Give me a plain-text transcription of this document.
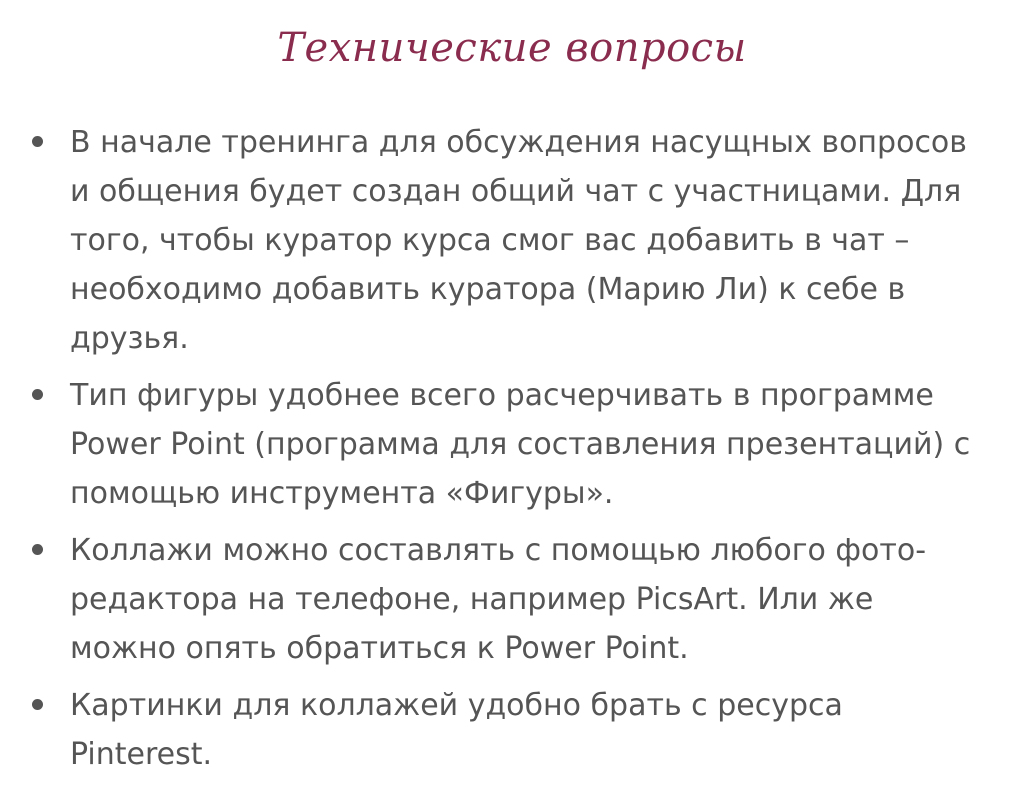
Технические вопросы
В начале тренинга для обсуждения насущных вопросов и общения будет создан общий чат с участницами. Для того, чтобы куратор курса смог вас добавить в чат – необходимо добавить куратора (Марию Ли) к себе в друзья.
Тип фигуры удобнее всего расчерчивать в программе Power Point (программа для составления презентаций) с помощью инструмента «Фигуры».
Коллажи можно составлять с помощью любого фото-редактора на телефоне, например PicsArt. Или же можно опять обратиться к Power Point.
Картинки для коллажей удобно брать с ресурса Pinterest.
